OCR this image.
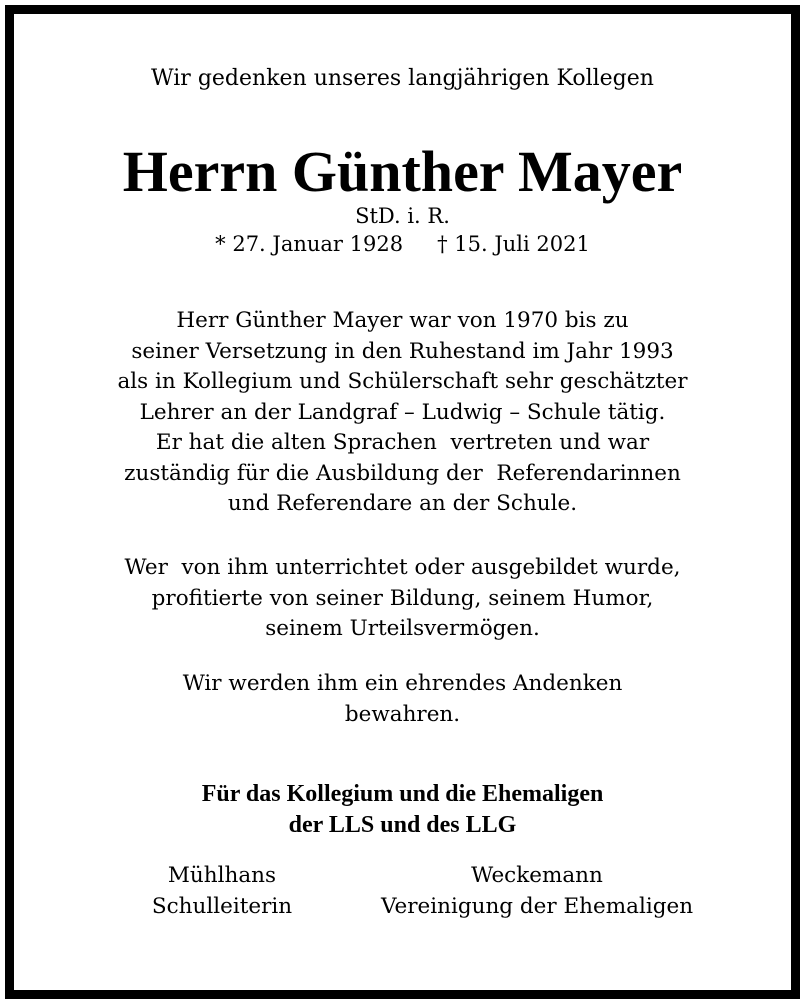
Wir gedenken unseres langjährigen Kollegen
Herrn Günther Mayer
StD. i. R.
* 27. Januar 1928 † 15. Juli 2021
Herr Günther Mayer war von 1970 bis zu
seiner Versetzung in den Ruhestand im Jahr 1993
als in Kollegium und Schülerschaft sehr geschätzter
Lehrer an der Landgraf – Ludwig – Schule tätig.
Er hat die alten Sprachen  vertreten und war
zuständig für die Ausbildung der  Referendarinnen
und Referendare an der Schule.
Wer  von ihm unterrichtet oder ausgebildet wurde,
profitierte von seiner Bildung, seinem Humor,
seinem Urteilsvermögen.
Wir werden ihm ein ehrendes Andenken
bewahren.
Für das Kollegium und die Ehemaligen
der LLS und des LLG
Mühlhans
Schulleiterin
Weckemann
Vereinigung der Ehemaligen
